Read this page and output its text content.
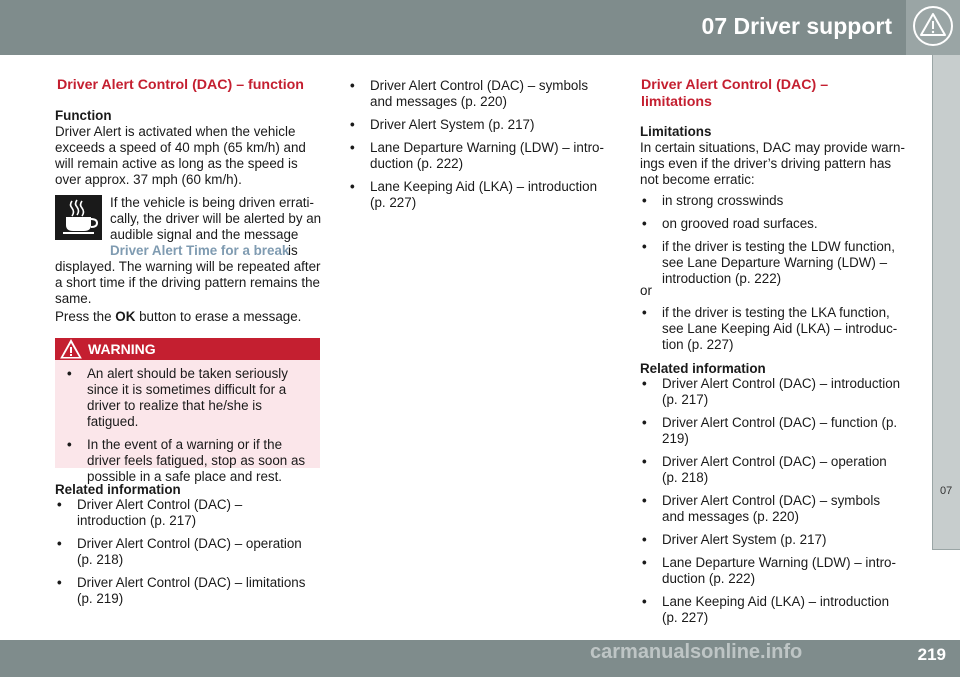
07 Driver support
07
Driver Alert Control (DAC) – function
Function

Driver Alert is activated when the vehicle exceeds a speed of 40 mph (65 km/h) and will remain active as long as the speed is over approx. 37 mph (60 km/h).

If the vehicle is being driven errati-cally, the driver will be alerted by an audible signal and the message Driver Alert Time for a break

is displayed. The warning will be repeated after a short time if the driving pattern remains the same.

Press the OK button to erase a message.

WARNING
• An alert should be taken seriously since it is sometimes difficult for a driver to realize that he/she is fatigued.
• In the event of a warning or if the driver feels fatigued, stop as soon as possible in a safe place and rest.
Related information
• Driver Alert Control (DAC) – introduction (p. 217)
• Driver Alert Control (DAC) – operation (p. 218)
• Driver Alert Control (DAC) – limitations (p. 219)
• Driver Alert Control (DAC) – symbols and messages (p. 220)
• Driver Alert System (p. 217)
• Lane Departure Warning (LDW) – intro-duction (p. 222)
• Lane Keeping Aid (LKA) – introduction (p. 227)
Driver Alert Control (DAC) – limitations
Limitations

In certain situations, DAC may provide warn-ings even if the driver’s driving pattern has not become erratic:

• in strong crosswinds
• on grooved road surfaces.
• if the driver is testing the LDW function, see Lane Departure Warning (LDW) – introduction (p. 222)

or

• if the driver is testing the LKA function, see Lane Keeping Aid (LKA) – introduc-tion (p. 227)
Related information
• Driver Alert Control (DAC) – introduction (p. 217)
• Driver Alert Control (DAC) – function (p. 219)
• Driver Alert Control (DAC) – operation (p. 218)
• Driver Alert Control (DAC) – symbols and messages (p. 220)
• Driver Alert System (p. 217)
• Lane Departure Warning (LDW) – intro-duction (p. 222)
• Lane Keeping Aid (LKA) – introduction (p. 227)
219
carmanualsonline.info
